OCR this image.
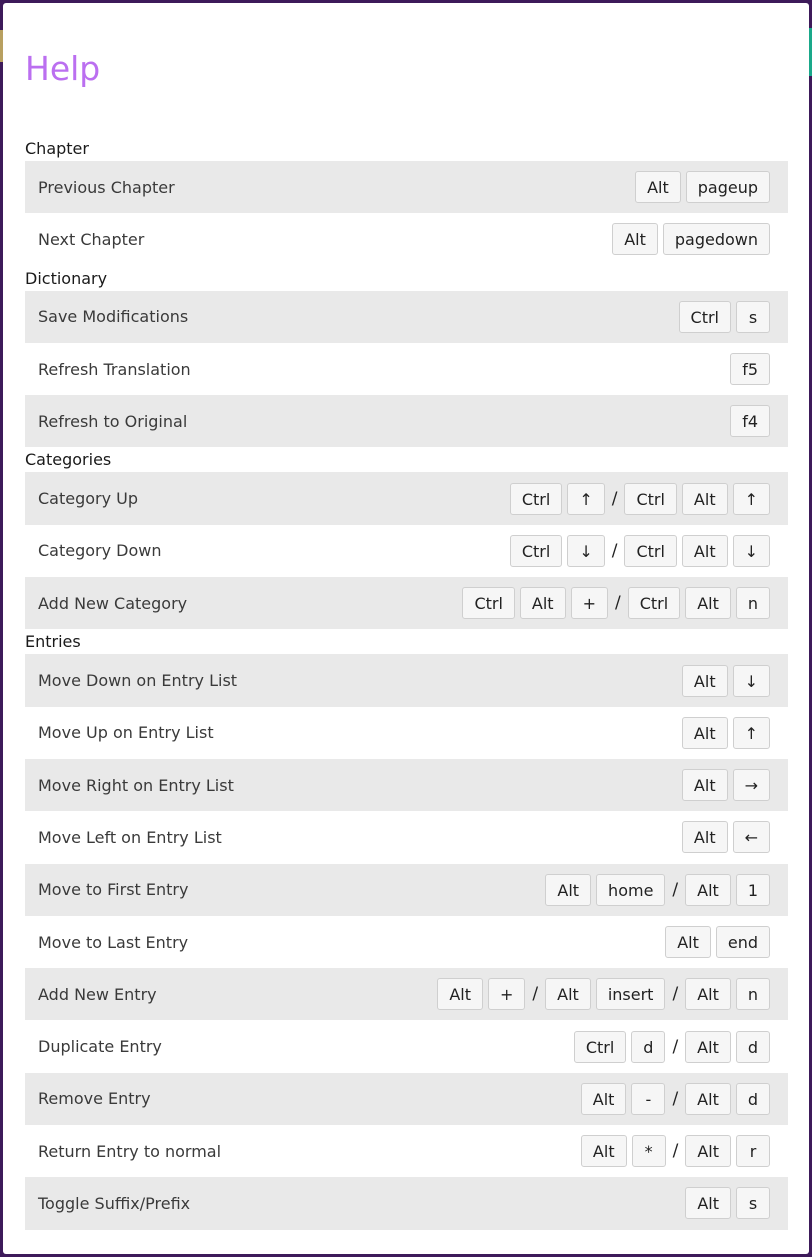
Help
Chapter
Previous Chapter	Alt	pageup
Next Chapter	Alt	pagedown
Dictionary
Save Modifications	Ctrl	s
Refresh Translation	f5
Refresh to Original	f4
Categories
Category Up	Ctrl	↑	/	Ctrl	Alt	↑
Category Down	Ctrl	↓	/	Ctrl	Alt	↓
Add New Category	Ctrl	Alt	+	/	Ctrl	Alt	n
Entries
Move Down on Entry List	Alt	↓
Move Up on Entry List	Alt	↑
Move Right on Entry List	Alt	→
Move Left on Entry List	Alt	←
Move to First Entry	Alt	home	/	Alt	1
Move to Last Entry	Alt	end
Add New Entry	Alt	+	/	Alt	insert	/	Alt	n
Duplicate Entry	Ctrl	d	/	Alt	d
Remove Entry	Alt	-	/	Alt	d
Return Entry to normal	Alt	*	/	Alt	r
Toggle Suffix/Prefix	Alt	s
